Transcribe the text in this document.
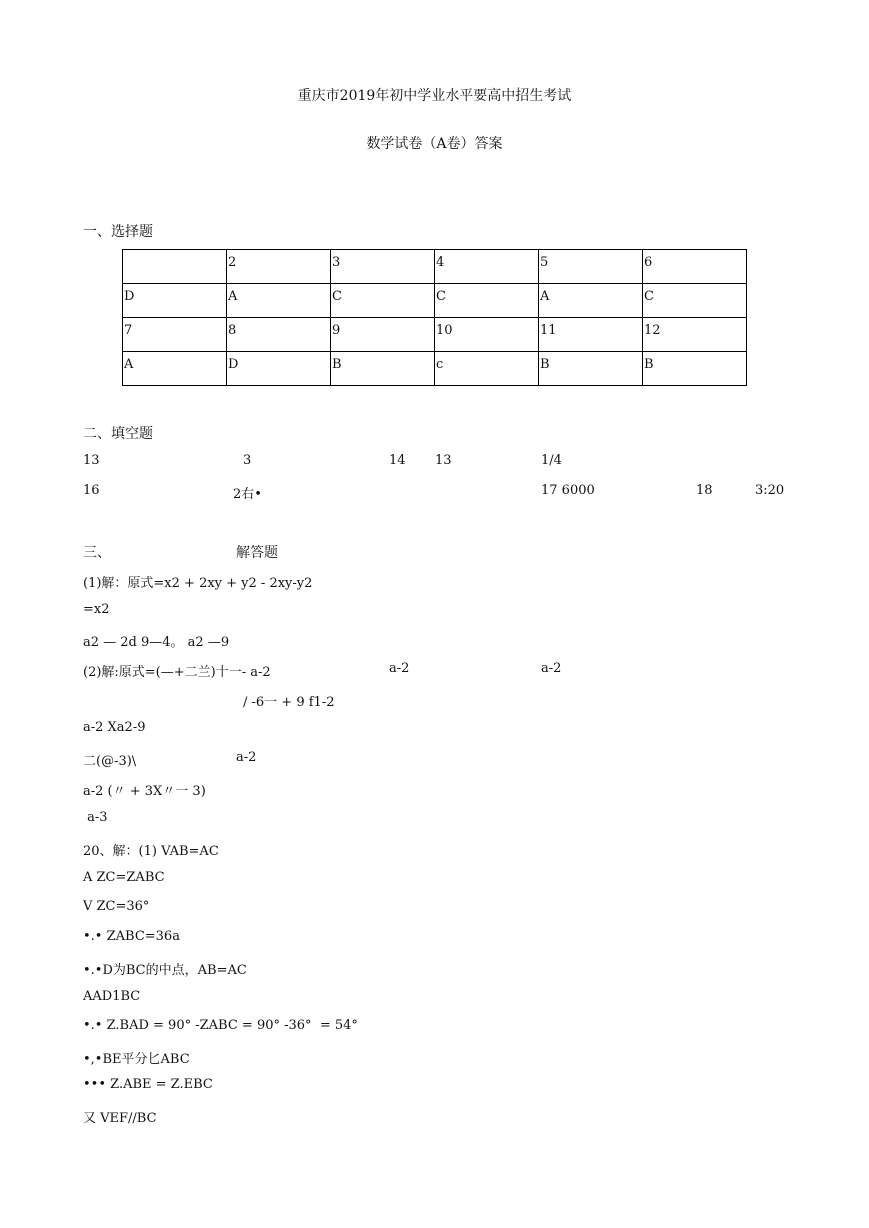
重庆市2019年初中学业水平要高中招生考试
数学试卷（A卷）答案
一、选择题
	2	3	4	5	6
D	A	C	C	A	C
7	8	9	10	11	12
A	D	B	c	B	B
二、填空题
13	3	14 13	1/4
16	2右•	17 6000	18	3:20
三、	解答题
(1)解：原式=x2 + 2xy + y2 - 2xy-y2
=x2
a2 — 2d 9—4。 a2 —9
(2)解:原式=(—+二兰)十一- a-2	a-2	a-2
/ -6一 + 9 f1-2
a-2 Xa2-9
二(@-3)\	a-2
a-2 (〃 + 3X〃一 3)
a-3
20、解：(1) VAB=AC
A ZC=ZABC
V ZC=36°
•.• ZABC=36a
•.•D为BC的中点，AB=AC
AAD1BC
•.• Z.BAD = 90° -ZABC = 90° -36°  = 54°
•,•BE平分匕ABC
••• Z.ABE = Z.EBC
又 VEF//BC
